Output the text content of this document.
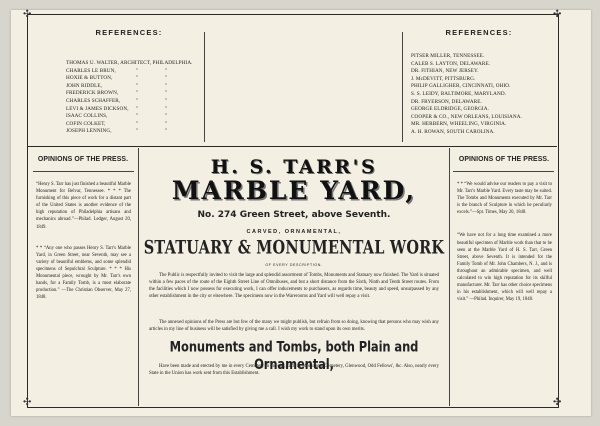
✣	✣
✣	✣
REFERENCES:
THOMAS U. WALTER, ARCHITECT, PHILADELPHIA.
CHARLES LE BRUN,
HOXIE & BUTTON,
JOHN RIDDLE,
FREDERICK BROWN,
CHARLES SCHAFFER,
LEVI & JAMES DICKSON,
ISAAC COLLINS,
COFIN COLKET,
JOSEPH LENNING,
"
"
"
"
"
"
"
"
"
"
"
"
"
"
"
"
"
"
REFERENCES:
PITSER MILLER, TENNESSEE.
CALEB S. LAYTON, DELAWARE.
DR. FITHIAN, NEW JERSEY.
J. McDEVITT, PITTSBURG.
PHILIP GALLIGHER, CINCINNATI, OHIO.
S. S. LEIDY, BALTIMORE, MARYLAND.
DR. FRYERSON, DELAWARE.
GEORGE ELDRIDGE, GEORGIA.
COOPER & CO., NEW ORLEANS, LOUISIANA.
MR. HERBERN, WHEELING, VIRGINIA.
A. H. ROWAN, SOUTH CAROLINA.
OPINIONS OF THE PRESS.

“Henry S. Tarr has just finished a beautiful Marble Monument for Belvar, Tennessee. * * * The furnishing of this piece of work for a distant part of the United States is another evidence of the high reputation of Philadelphia artisans and mechanics abroad.”—Philad. Ledger, August 20, 1849.

* * “Any one who passes Henry S. Tarr's Marble Yard, in Green Street, near Seventh, may see a variety of beautiful emblems, and some splendid specimens of Sepulchral Sculpture. * * * His Monumental piece, wrought by Mr. Tarr's own hands, for a Family Tomb, is a most elaborate production.” —The Christian Observer, May 27, 1848.

OPINIONS OF THE PRESS.

* * “We would advise our readers to pay a visit to Mr. Tarr's Marble Yard. Every taste may be suited. The Tombs and Monuments executed by Mr. Tarr is the branch of Sculpture in which he peculiarly excels.”—Spt. Times, May 20, 1848.

“We have not for a long time examined a more beautiful specimen of Marble work than that to be seen at the Marble Yard of H. S. Tarr, Green Street, above Seventh. It is intended for the Family Tomb of Mr. John Chambers, N. J., and is throughout an admirable specimen, and well calculated to win high reputation for its skilful manufacturer. Mr. Tarr has other choice specimens in his establishment, which will well repay a visit.” —Philad. Inquirer, May 19, 1848.

H. S. TARR'S
MARBLE YARD,
No. 274 Green Street, above Seventh.
CARVED, ORNAMENTAL,
STATUARY & MONUMENTAL WORK
OF EVERY DESCRIPTION.
The Public is respectfully invited to visit the large and splendid assortment of Tombs, Monuments and Statuary now finished. The Yard is situated within a few paces of the route of the Eighth Street Line of Omnibuses, and but a short distance from the Sixth, Ninth and Tenth Street routes. From the facilities which I now possess for executing work, I can offer inducements to purchasers, as regards time, beauty and speed, unsurpassed by any other establishment in the city or elsewhere. The specimens now in the Warerooms and Yard will well repay a visit.
The annexed opinions of the Press are but few of the many we might publish, but refrain from so doing, knowing that persons who may wish any articles in my line of business will be satisfied by giving me a call. I wish my work to stand upon its own merits.
Monuments and Tombs, both Plain and Ornamental,
Have been made and erected by me in every Cemetery in the city, such as Monument Cemetery, Glenwood, Odd Fellows', &c. Also, nearly every State in the Union has work sent from this Establishment.
